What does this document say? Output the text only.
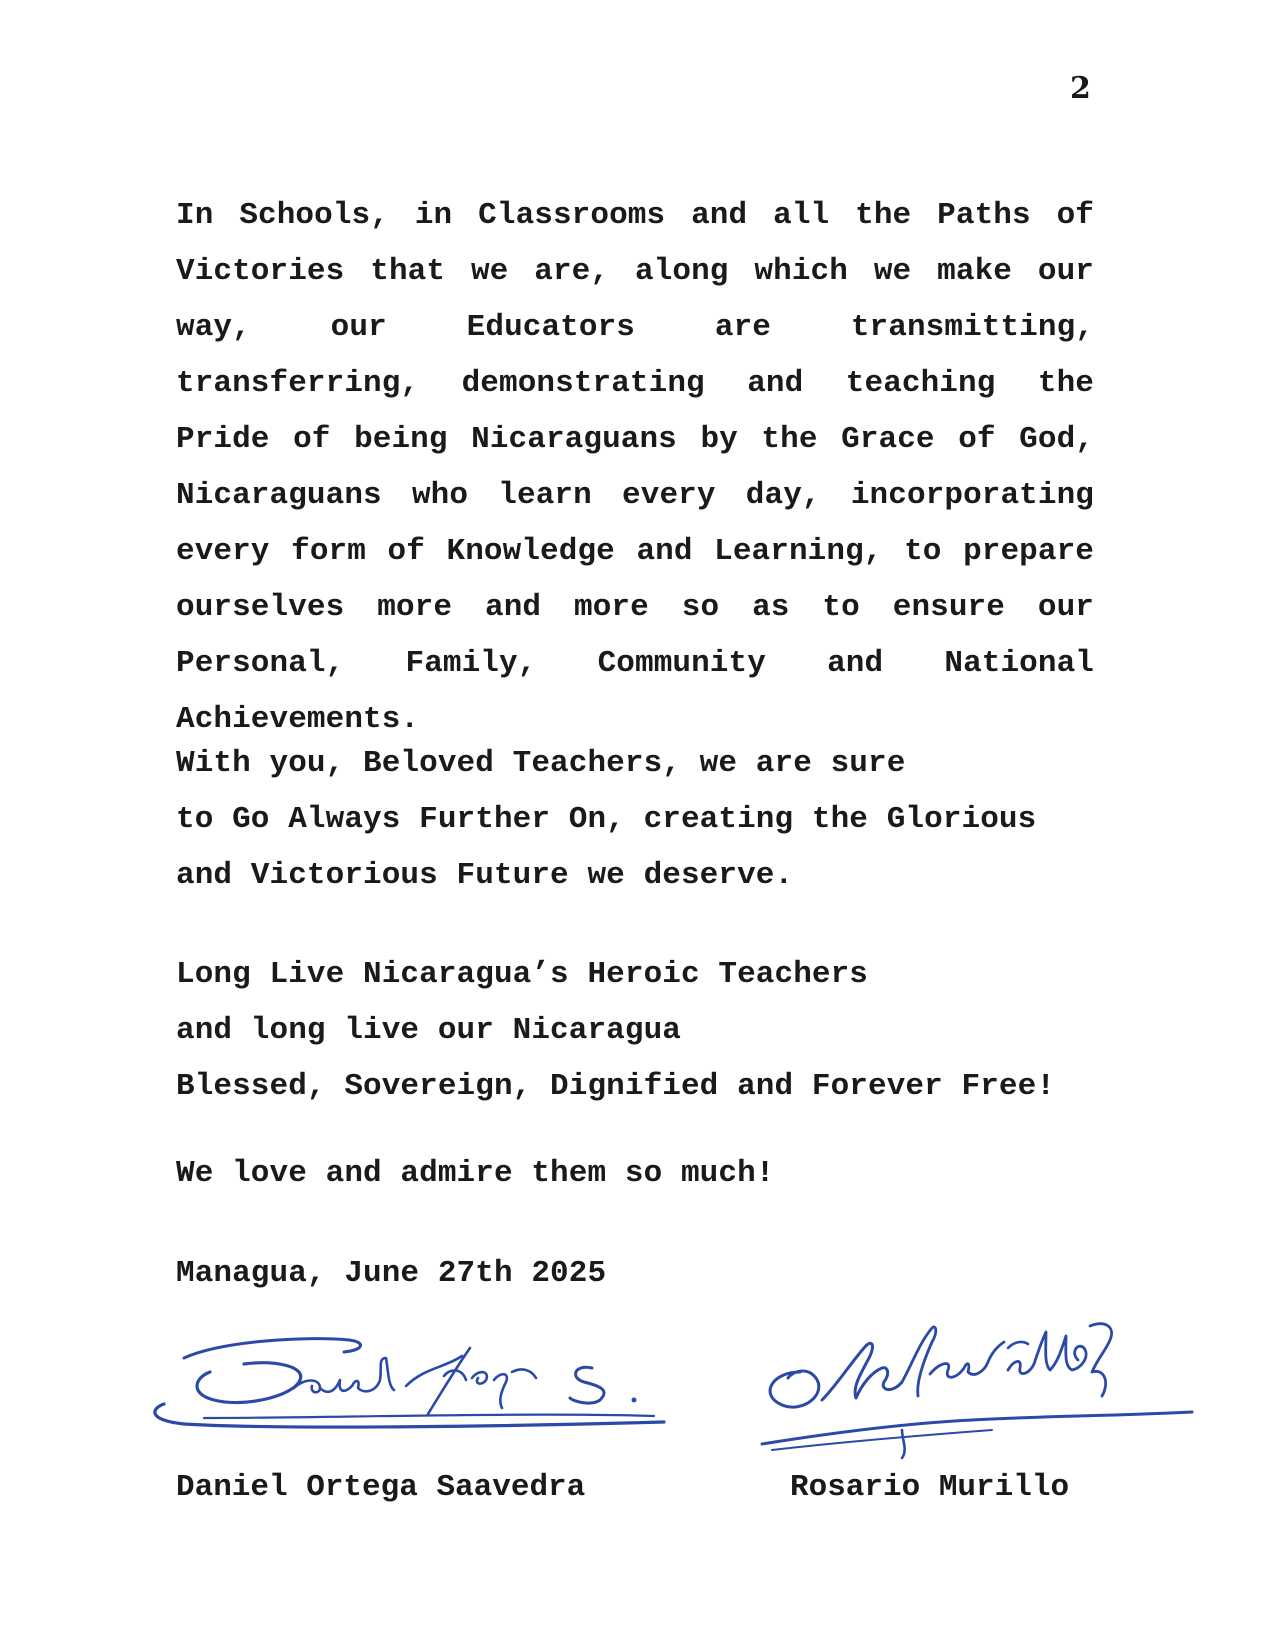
2

In Schools, in Classrooms and all the Paths of Victories that we are, along which we make our way, our Educators are transmitting, transferring, demonstrating and teaching the Pride of being Nicaraguans by the Grace of God, Nicaraguans who learn every day, incorporating every form of Knowledge and Learning, to prepare ourselves more and more so as to ensure our Personal, Family, Community and National Achievements.

With you, Beloved Teachers, we are sure
to Go Always Further On, creating the Glorious
and Victorious Future we deserve.

Long Live Nicaragua’s Heroic Teachers
and long live our Nicaragua
Blessed, Sovereign, Dignified and Forever Free!

We love and admire them so much!

Managua, June 27th 2025

Daniel Ortega Saavedra	Rosario Murillo
